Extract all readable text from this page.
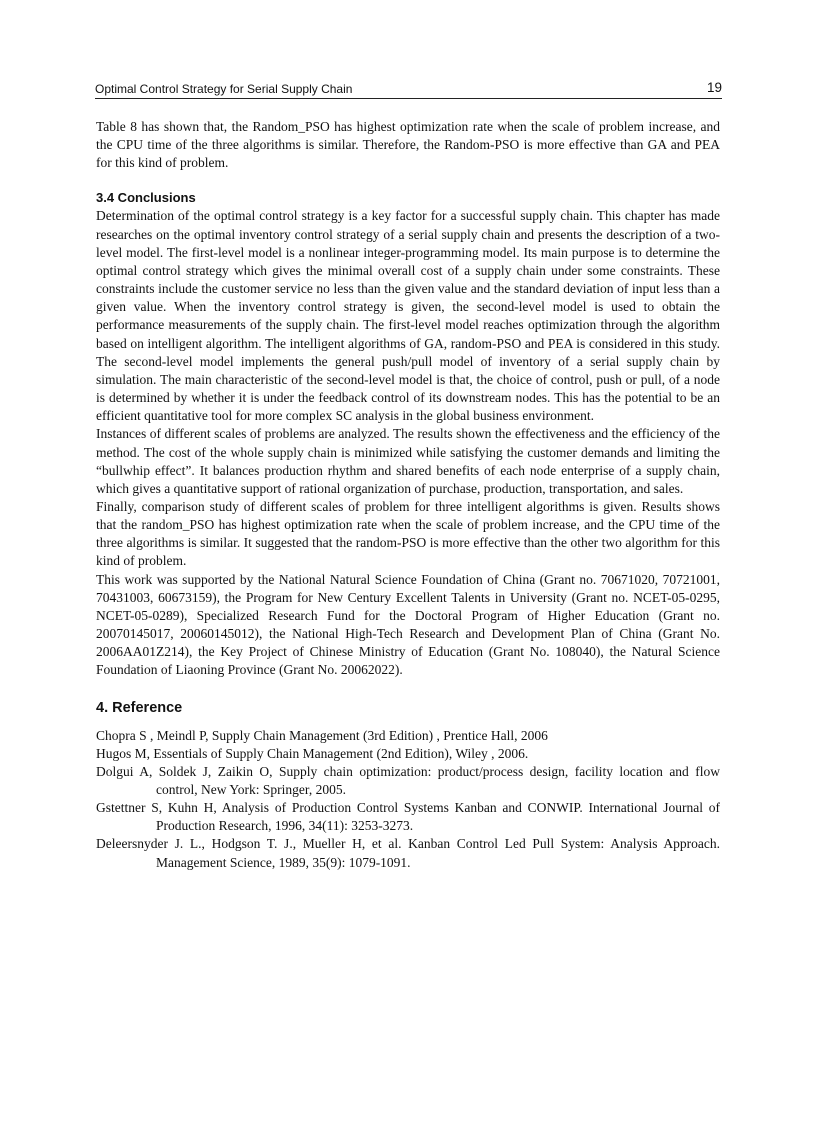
Optimal Control Strategy for Serial Supply Chain	19

Table 8 has shown that, the Random_PSO has highest optimization rate when the scale of problem increase, and the CPU time of the three algorithms is similar. Therefore, the Random-PSO is more effective than GA and PEA for this kind of problem.

3.4 Conclusions

Determination of the optimal control strategy is a key factor for a successful supply chain. This chapter has made researches on the optimal inventory control strategy of a serial supply chain and presents the description of a two-level model. The first-level model is a nonlinear integer-programming model. Its main purpose is to determine the optimal control strategy which gives the minimal overall cost of a supply chain under some constraints. These constraints include the customer service no less than the given value and the standard deviation of input less than a given value. When the inventory control strategy is given, the second-level model is used to obtain the performance measurements of the supply chain. The first-level model reaches optimization through the algorithm based on intelligent algorithm. The intelligent algorithms of GA, random-PSO and PEA is considered in this study. The second-level model implements the general push/pull model of inventory of a serial supply chain by simulation. The main characteristic of the second-level model is that, the choice of control, push or pull, of a node is determined by whether it is under the feedback control of its downstream nodes. This has the potential to be an efficient quantitative tool for more complex SC analysis in the global business environment.

Instances of different scales of problems are analyzed. The results shown the effectiveness and the efficiency of the method. The cost of the whole supply chain is minimized while satisfying the customer demands and limiting the “bullwhip effect”. It balances production rhythm and shared benefits of each node enterprise of a supply chain, which gives a quantitative support of rational organization of purchase, production, transportation, and sales.

Finally, comparison study of different scales of problem for three intelligent algorithms is given. Results shows that the random_PSO has highest optimization rate when the scale of problem increase, and the CPU time of the three algorithms is similar. It suggested that the random-PSO is more effective than the other two algorithm for this kind of problem.

This work was supported by the National Natural Science Foundation of China (Grant no. 70671020, 70721001, 70431003, 60673159), the Program for New Century Excellent Talents in University (Grant no. NCET-05-0295, NCET-05-0289), Specialized Research Fund for the Doctoral Program of Higher Education (Grant no. 20070145017, 20060145012), the National High-Tech Research and Development Plan of China (Grant No. 2006AA01Z214), the Key Project of Chinese Ministry of Education (Grant No. 108040), the Natural Science Foundation of Liaoning Province (Grant No. 20062022).

4. Reference

Chopra S , Meindl P, Supply Chain Management (3rd Edition) , Prentice Hall, 2006

Hugos M, Essentials of Supply Chain Management (2nd Edition), Wiley , 2006.

Dolgui A, Soldek J, Zaikin O, Supply chain optimization: product/process design, facility location and flow control, New York: Springer, 2005.

Gstettner S, Kuhn H, Analysis of Production Control Systems Kanban and CONWIP. International Journal of Production Research, 1996, 34(11): 3253-3273.

Deleersnyder J. L., Hodgson T. J., Mueller H, et al. Kanban Control Led Pull System: Analysis Approach. Management Science, 1989, 35(9): 1079-1091.
